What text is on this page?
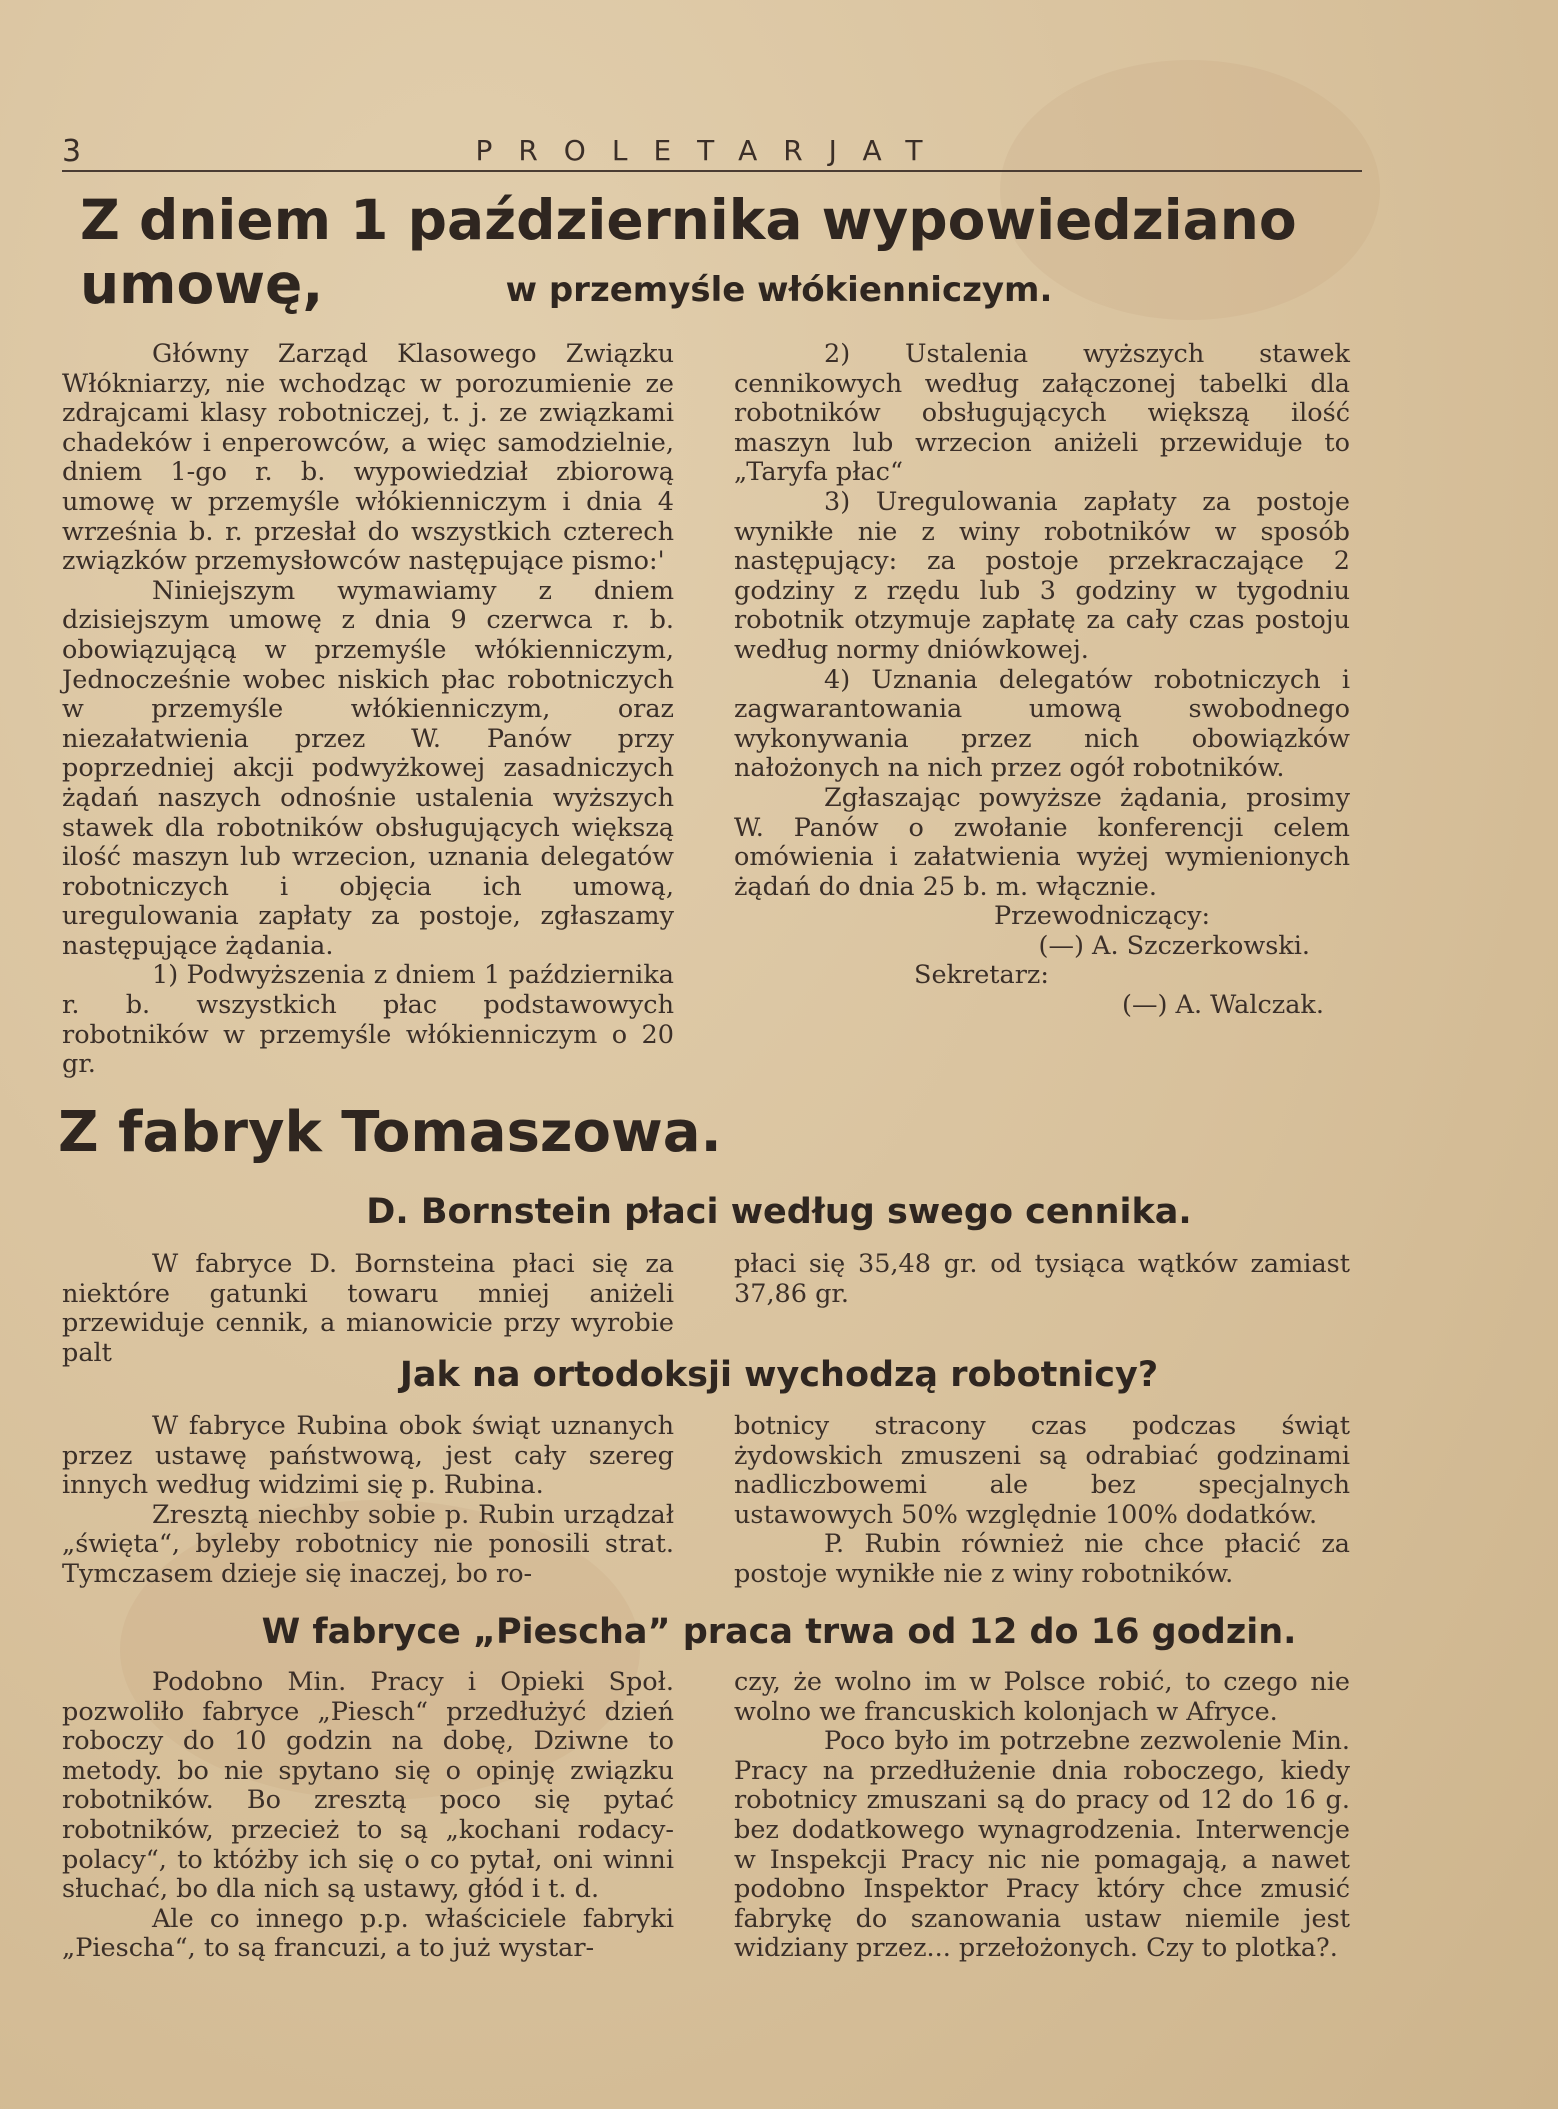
3	PROLETARJAT
Z dniem 1 października wypowiedziano umowę,	w przemyśle włókienniczym.

Główny Zarząd Klasowego Związku Włókniarzy, nie wchodząc w porozumienie ze zdrajcami klasy robotniczej, t. j. ze związkami chadeków i enperowców, a więc samodzielnie, dniem 1-go r. b. wypowiedział zbiorową umowę w przemyśle włókienniczym i dnia 4 września b. r. przesłał do wszystkich czterech związków przemysłowców następujące pismo:'

Niniejszym wymawiamy z dniem dzisiejszym umowę z dnia 9 czerwca r. b. obowiązującą w przemyśle włókienniczym, Jednocześnie wobec niskich płac robotniczych w przemyśle włókienniczym, oraz niezałatwienia przez W. Panów przy poprzedniej akcji podwyżkowej zasadniczych żądań naszych odnośnie ustalenia wyższych stawek dla robotników obsługujących większą ilość maszyn lub wrzecion, uznania delegatów robotniczych i objęcia ich umową, uregulowania zapłaty za postoje, zgłaszamy następujące żądania.

1) Podwyższenia z dniem 1 października r. b. wszystkich płac podstawowych robotników w przemyśle włókienniczym o 20 gr.

2) Ustalenia wyższych stawek cennikowych według załączonej tabelki dla robotników obsługujących większą ilość maszyn lub wrzecion aniżeli przewiduje to „Taryfa płac“

3) Uregulowania zapłaty za postoje wynikłe nie z winy robotników w sposób następujący: za postoje przekraczające 2 godziny z rzędu lub 3 godziny w tygodniu robotnik otzymuje zapłatę za cały czas postoju według normy dniówkowej.

4) Uznania delegatów robotniczych i zagwarantowania umową swobodnego wykonywania przez nich obowiązków nałożonych na nich przez ogół robotników.

Zgłaszając powyższe żądania, prosimy W. Panów o zwołanie konferencji celem omówienia i załatwienia wyżej wymienionych żądań do dnia 25 b. m. włącznie.

Przewodniczący:

(—) A. Szczerkowski.

Sekretarz:

(—) A. Walczak.

Z fabryk Tomaszowa.
D. Bornstein płaci według swego cennika.

W fabryce D. Bornsteina płaci się za niektóre gatunki towaru mniej aniżeli przewiduje cennik, a mianowicie przy wyrobie palt

płaci się 35,48 gr. od tysiąca wątków zamiast 37,86 gr.

Jak na ortodoksji wychodzą robotnicy?

W fabryce Rubina obok świąt uznanych przez ustawę państwową, jest cały szereg innych według widzimi się p. Rubina.

Zresztą niechby sobie p. Rubin urządzał „święta“, byleby robotnicy nie ponosili strat. Tymczasem dzieje się inaczej, bo ro-

botnicy stracony czas podczas świąt żydowskich zmuszeni są odrabiać godzinami nadliczbowemi ale bez specjalnych ustawowych 50% względnie 100% dodatków.

P. Rubin również nie chce płacić za postoje wynikłe nie z winy robotników.

W fabryce „Piescha” praca trwa od 12 do 16 godzin.

Podobno Min. Pracy i Opieki Społ. pozwoliło fabryce „Piesch“ przedłużyć dzień roboczy do 10 godzin na dobę, Dziwne to metody. bo nie spytano się o opinję związku robotników. Bo zresztą poco się pytać robotników, przecież to są „kochani rodacy-polacy“, to któżby ich się o co pytał, oni winni słuchać, bo dla nich są ustawy, głód i t. d.

Ale co innego p.p. właściciele fabryki „Piescha“, to są francuzi, a to już wystar-

czy, że wolno im w Polsce robić, to czego nie wolno we francuskich kolonjach w Afryce.

Poco było im potrzebne zezwolenie Min. Pracy na przedłużenie dnia roboczego, kiedy robotnicy zmuszani są do pracy od 12 do 16 g. bez dodatkowego wynagrodzenia. Interwencje w Inspekcji Pracy nic nie pomagają, a nawet podobno Inspektor Pracy który chce zmusić fabrykę do szanowania ustaw niemile jest widziany przez... przełożonych. Czy to plotka?.
